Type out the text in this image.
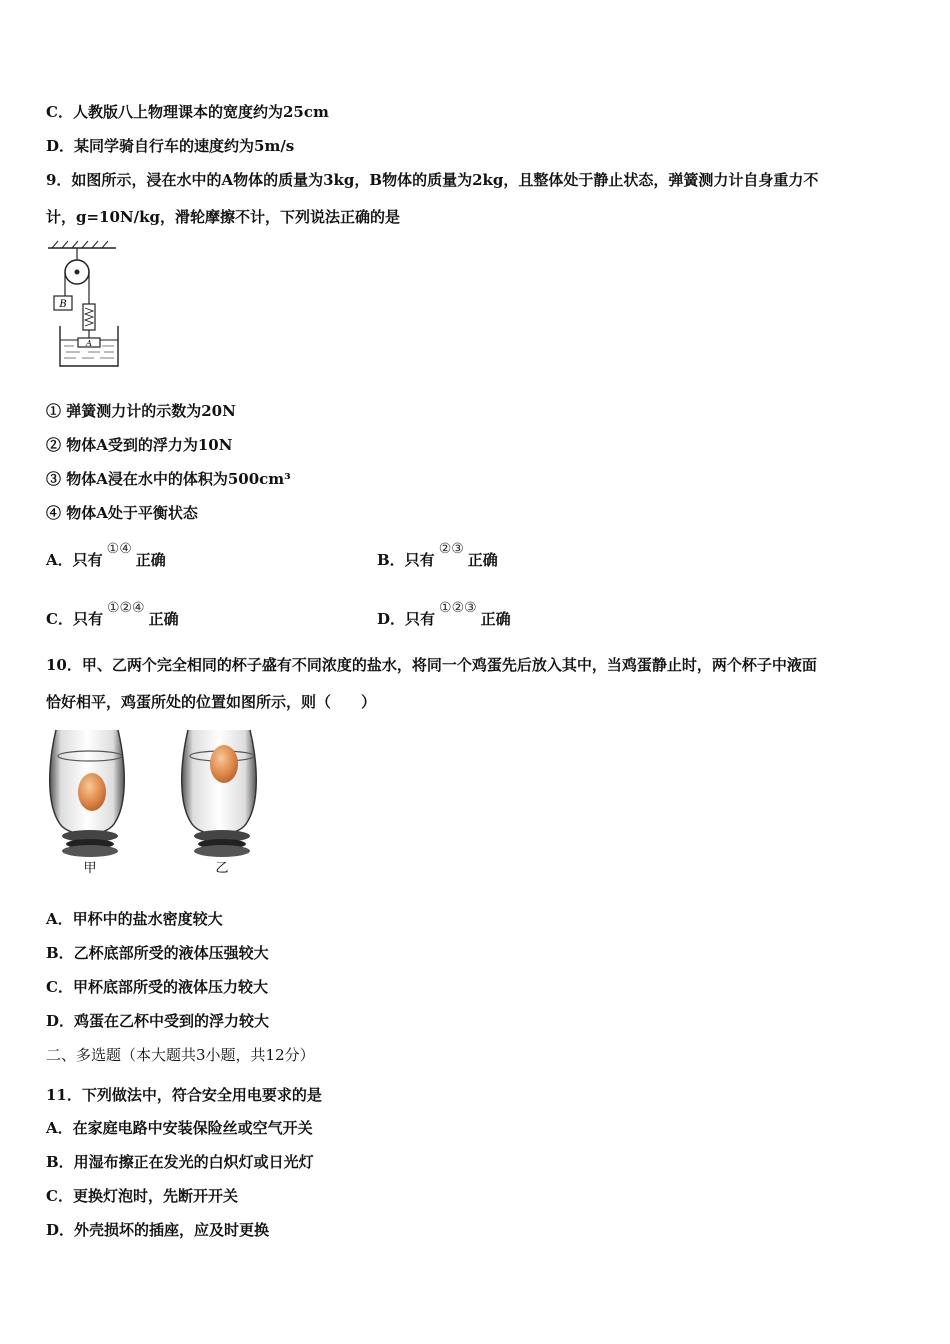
C．人教版八上物理课本的宽度约为25cm
D．某同学骑自行车的速度约为5m/s
9．如图所示，浸在水中的A物体的质量为3kg，B物体的质量为2kg，且整体处于静止状态，弹簧测力计自身重力不
计，g=10N/kg，滑轮摩擦不计，下列说法正确的是
B
A
① 弹簧测力计的示数为20N
② 物体A受到的浮力为10N
③ 物体A浸在水中的体积为500cm³
④ 物体A处于平衡状态
A．只有①④正确	B．只有②③正确
C．只有①②④正确	D．只有①②③正确
10．甲、乙两个完全相同的杯子盛有不同浓度的盐水，将同一个鸡蛋先后放入其中，当鸡蛋静止时，两个杯子中液面
恰好相平，鸡蛋所处的位置如图所示，则（　　）
甲	乙
A．甲杯中的盐水密度较大
B．乙杯底部所受的液体压强较大
C．甲杯底部所受的液体压力较大
D．鸡蛋在乙杯中受到的浮力较大
二、多选题（本大题共3小题，共12分）
11．下列做法中，符合安全用电要求的是
A．在家庭电路中安装保险丝或空气开关
B．用湿布擦正在发光的白炽灯或日光灯
C．更换灯泡时，先断开开关
D．外壳损坏的插座，应及时更换
